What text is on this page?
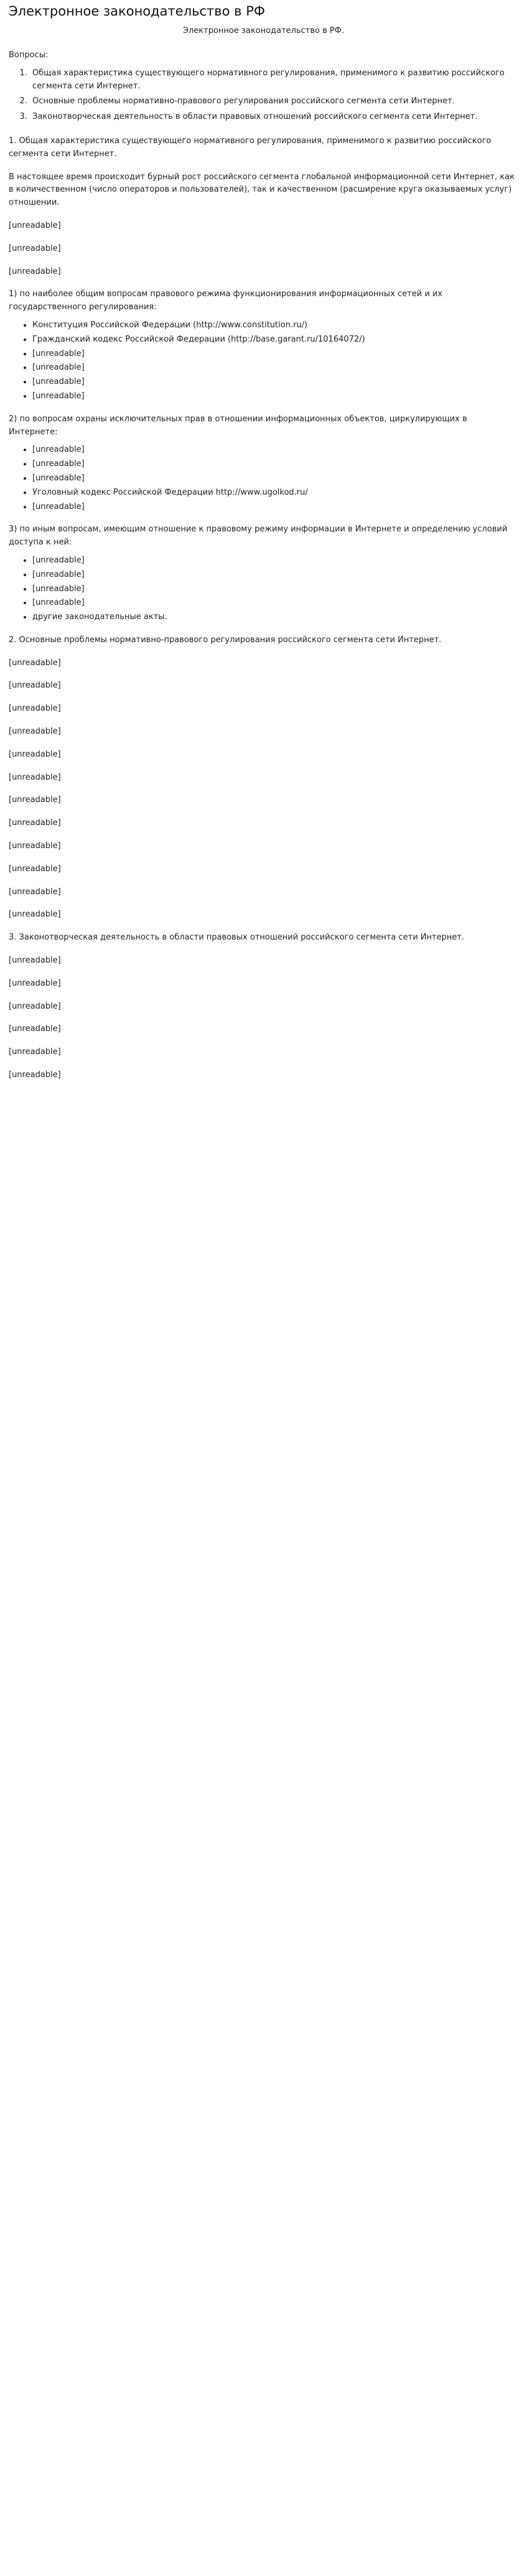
Электронное законодательство в РФ
Электронное законодательство в РФ.

Вопросы:

1. Общая характеристика существующего нормативного регулирования, применимого к развитию российского сегмента сети Интернет.
2. Основные проблемы нормативно-правового регулирования российского сегмента сети Интернет.
3. Законотворческая деятельность в области правовых отношений российского сегмента сети Интернет.

1. Общая характеристика существующего нормативного регулирования, применимого к развитию российского сегмента сети Интернет.

В настоящее время происходит бурный рост российского сегмента глобальной информационной сети Интернет, как в количественном (число операторов и пользователей), так и качественном (расширение круга оказываемых услуг) отношении.

[unreadable]

[unreadable]

[unreadable]

1) по наиболее общим вопросам правового режима функционирования информационных сетей и их государственного регулирования:

• Конституция Российской Федерации (http://www.constitution.ru/)
• Гражданский кодекс Российской Федерации (http://base.garant.ru/10164072/)
• [unreadable]
• [unreadable]
• [unreadable]
• [unreadable]

2) по вопросам охраны исключительных прав в отношении информационных объектов, циркулирующих в Интернете:

• [unreadable]
• [unreadable]
• [unreadable]
• Уголовный кодекс Российской Федерации http://www.ugolkod.ru/
• [unreadable]

3) по иным вопросам, имеющим отношение к правовому режиму информации в Интернете и определению условий доступа к ней:

• [unreadable]
• [unreadable]
• [unreadable]
• [unreadable]
• другие законодательные акты.

2. Основные проблемы нормативно-правового регулирования российского сегмента сети Интернет.

[unreadable]

[unreadable]

[unreadable]

[unreadable]

[unreadable]

[unreadable]

[unreadable]

[unreadable]

[unreadable]

[unreadable]

[unreadable]

[unreadable]

3. Законотворческая деятельность в области правовых отношений российского сегмента сети Интернет.

[unreadable]

[unreadable]

[unreadable]

[unreadable]

[unreadable]

[unreadable]
